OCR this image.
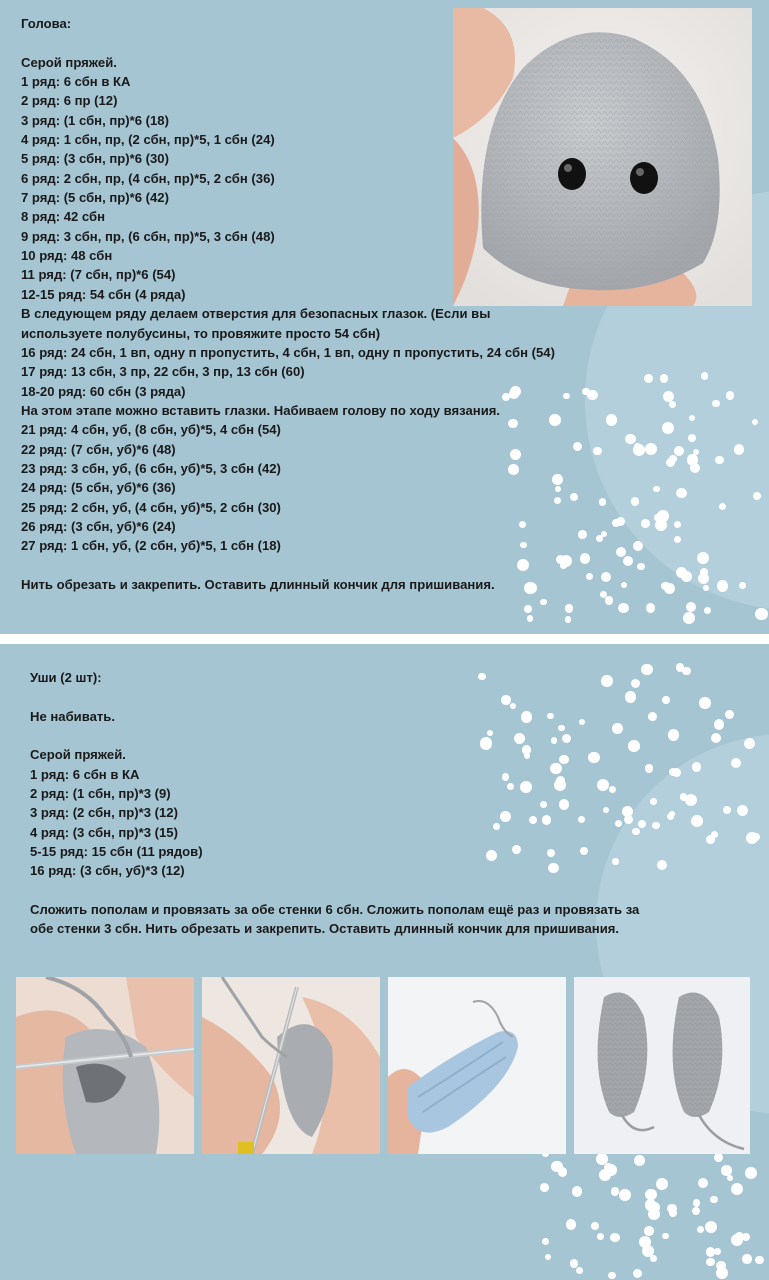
Голова:
Серой пряжей.
1 ряд: 6 сбн в КА
2 ряд: 6 пр (12)
3 ряд: (1 сбн, пр)*6 (18)
4 ряд: 1 сбн, пр, (2 сбн, пр)*5, 1 сбн (24)
5 ряд: (3 сбн, пр)*6 (30)
6 ряд: 2 сбн, пр, (4 сбн, пр)*5, 2 сбн (36)
7 ряд: (5 сбн, пр)*6 (42)
8 ряд: 42 сбн
9 ряд: 3 сбн, пр, (6 сбн, пр)*5, 3 сбн (48)
10 ряд: 48 сбн
11 ряд: (7 сбн, пр)*6 (54)
12-15 ряд: 54 сбн (4 ряда)
В следующем ряду делаем отверстия для безопасных глазок. (Если вы
используете полубусины, то провяжите просто 54 сбн)
16 ряд: 24 сбн, 1 вп, одну п пропустить, 4 сбн, 1 вп, одну п пропустить, 24 сбн (54)
17 ряд: 13 сбн, 3 пр, 22 сбн, 3 пр, 13 сбн (60)
18-20 ряд: 60 сбн (3 ряда)
На этом этапе можно вставить глазки. Набиваем голову по ходу вязания.
21 ряд: 4 сбн, уб, (8 сбн, уб)*5, 4 сбн (54)
22 ряд: (7 сбн, уб)*6 (48)
23 ряд: 3 сбн, уб, (6 сбн, уб)*5, 3 сбн (42)
24 ряд: (5 сбн, уб)*6 (36)
25 ряд: 2 сбн, уб, (4 сбн, уб)*5, 2 сбн (30)
26 ряд: (3 сбн, уб)*6 (24)
27 ряд: 1 сбн, уб, (2 сбн, уб)*5, 1 сбн (18)
Нить обрезать и закрепить. Оставить длинный кончик для пришивания.
Уши (2 шт):
Не набивать.
Серой пряжей.
1 ряд: 6 сбн в КА
2 ряд: (1 сбн, пр)*3 (9)
3 ряд: (2 сбн, пр)*3 (12)
4 ряд: (3 сбн, пр)*3 (15)
5-15 ряд: 15 сбн (11 рядов)
16 ряд: (3 сбн, уб)*3 (12)
Сложить пополам и провязать за обе стенки 6 сбн. Сложить пополам ещё раз и провязать за
обе стенки 3 сбн. Нить обрезать и закрепить. Оставить длинный кончик для пришивания.
